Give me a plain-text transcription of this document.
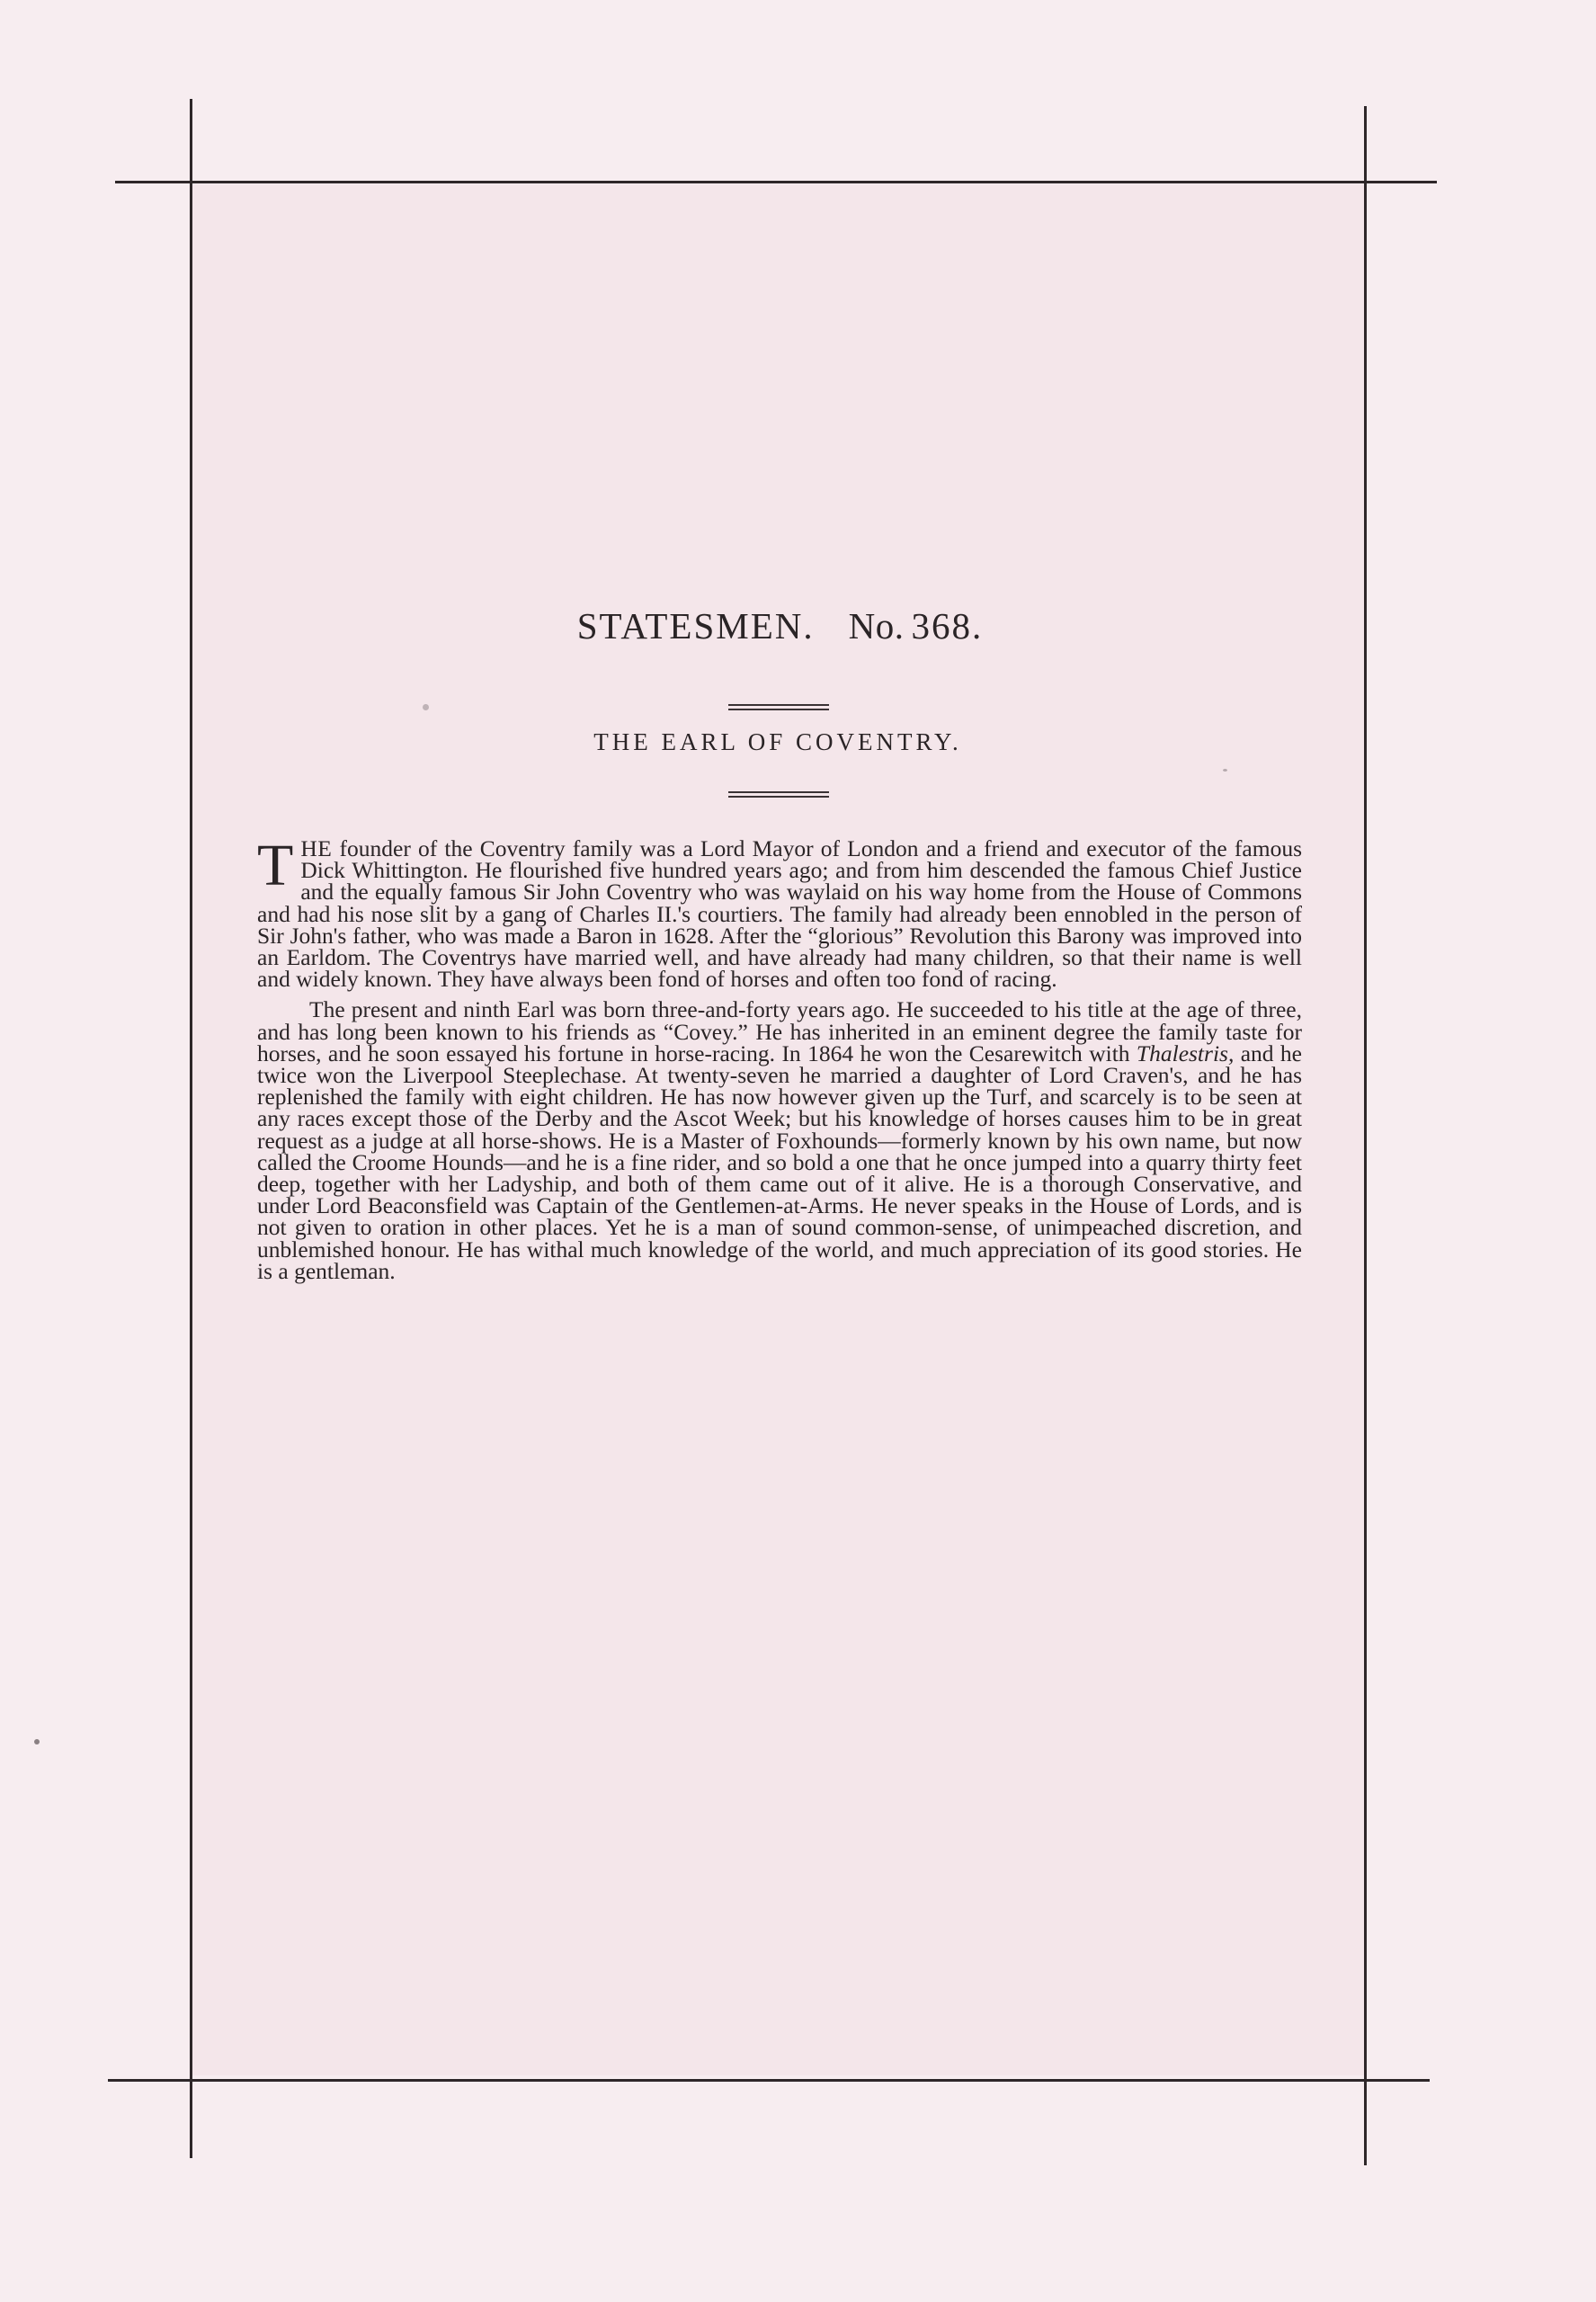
STATESMEN. No. 368.
THE EARL OF COVENTRY.

THE founder of the Coventry family was a Lord Mayor of London and a friend and executor of the famous Dick Whittington. He flourished five hundred years ago; and from him descended the famous Chief Justice and the equally famous Sir John Coventry who was waylaid on his way home from the House of Commons and had his nose slit by a gang of Charles II.'s courtiers. The family had already been ennobled in the person of Sir John's father, who was made a Baron in 1628. After the “glorious” Revolution this Barony was improved into an Earldom. The Coventrys have married well, and have already had many children, so that their name is well and widely known. They have always been fond of horses and often too fond of racing.

The present and ninth Earl was born three-and-forty years ago. He succeeded to his title at the age of three, and has long been known to his friends as “Covey.” He has inherited in an eminent degree the family taste for horses, and he soon essayed his fortune in horse-racing. In 1864 he won the Cesarewitch with Thalestris, and he twice won the Liverpool Steeplechase. At twenty-seven he married a daughter of Lord Craven's, and he has replenished the family with eight children. He has now however given up the Turf, and scarcely is to be seen at any races except those of the Derby and the Ascot Week; but his knowledge of horses causes him to be in great request as a judge at all horse-shows. He is a Master of Foxhounds—formerly known by his own name, but now called the Croome Hounds—and he is a fine rider, and so bold a one that he once jumped into a quarry thirty feet deep, together with her Ladyship, and both of them came out of it alive. He is a thorough Conservative, and under Lord Beaconsfield was Captain of the Gentlemen-at-Arms. He never speaks in the House of Lords, and is not given to oration in other places. Yet he is a man of sound common-sense, of unimpeached discretion, and unblemished honour. He has withal much knowledge of the world, and much appreciation of its good stories. He is a gentleman.
